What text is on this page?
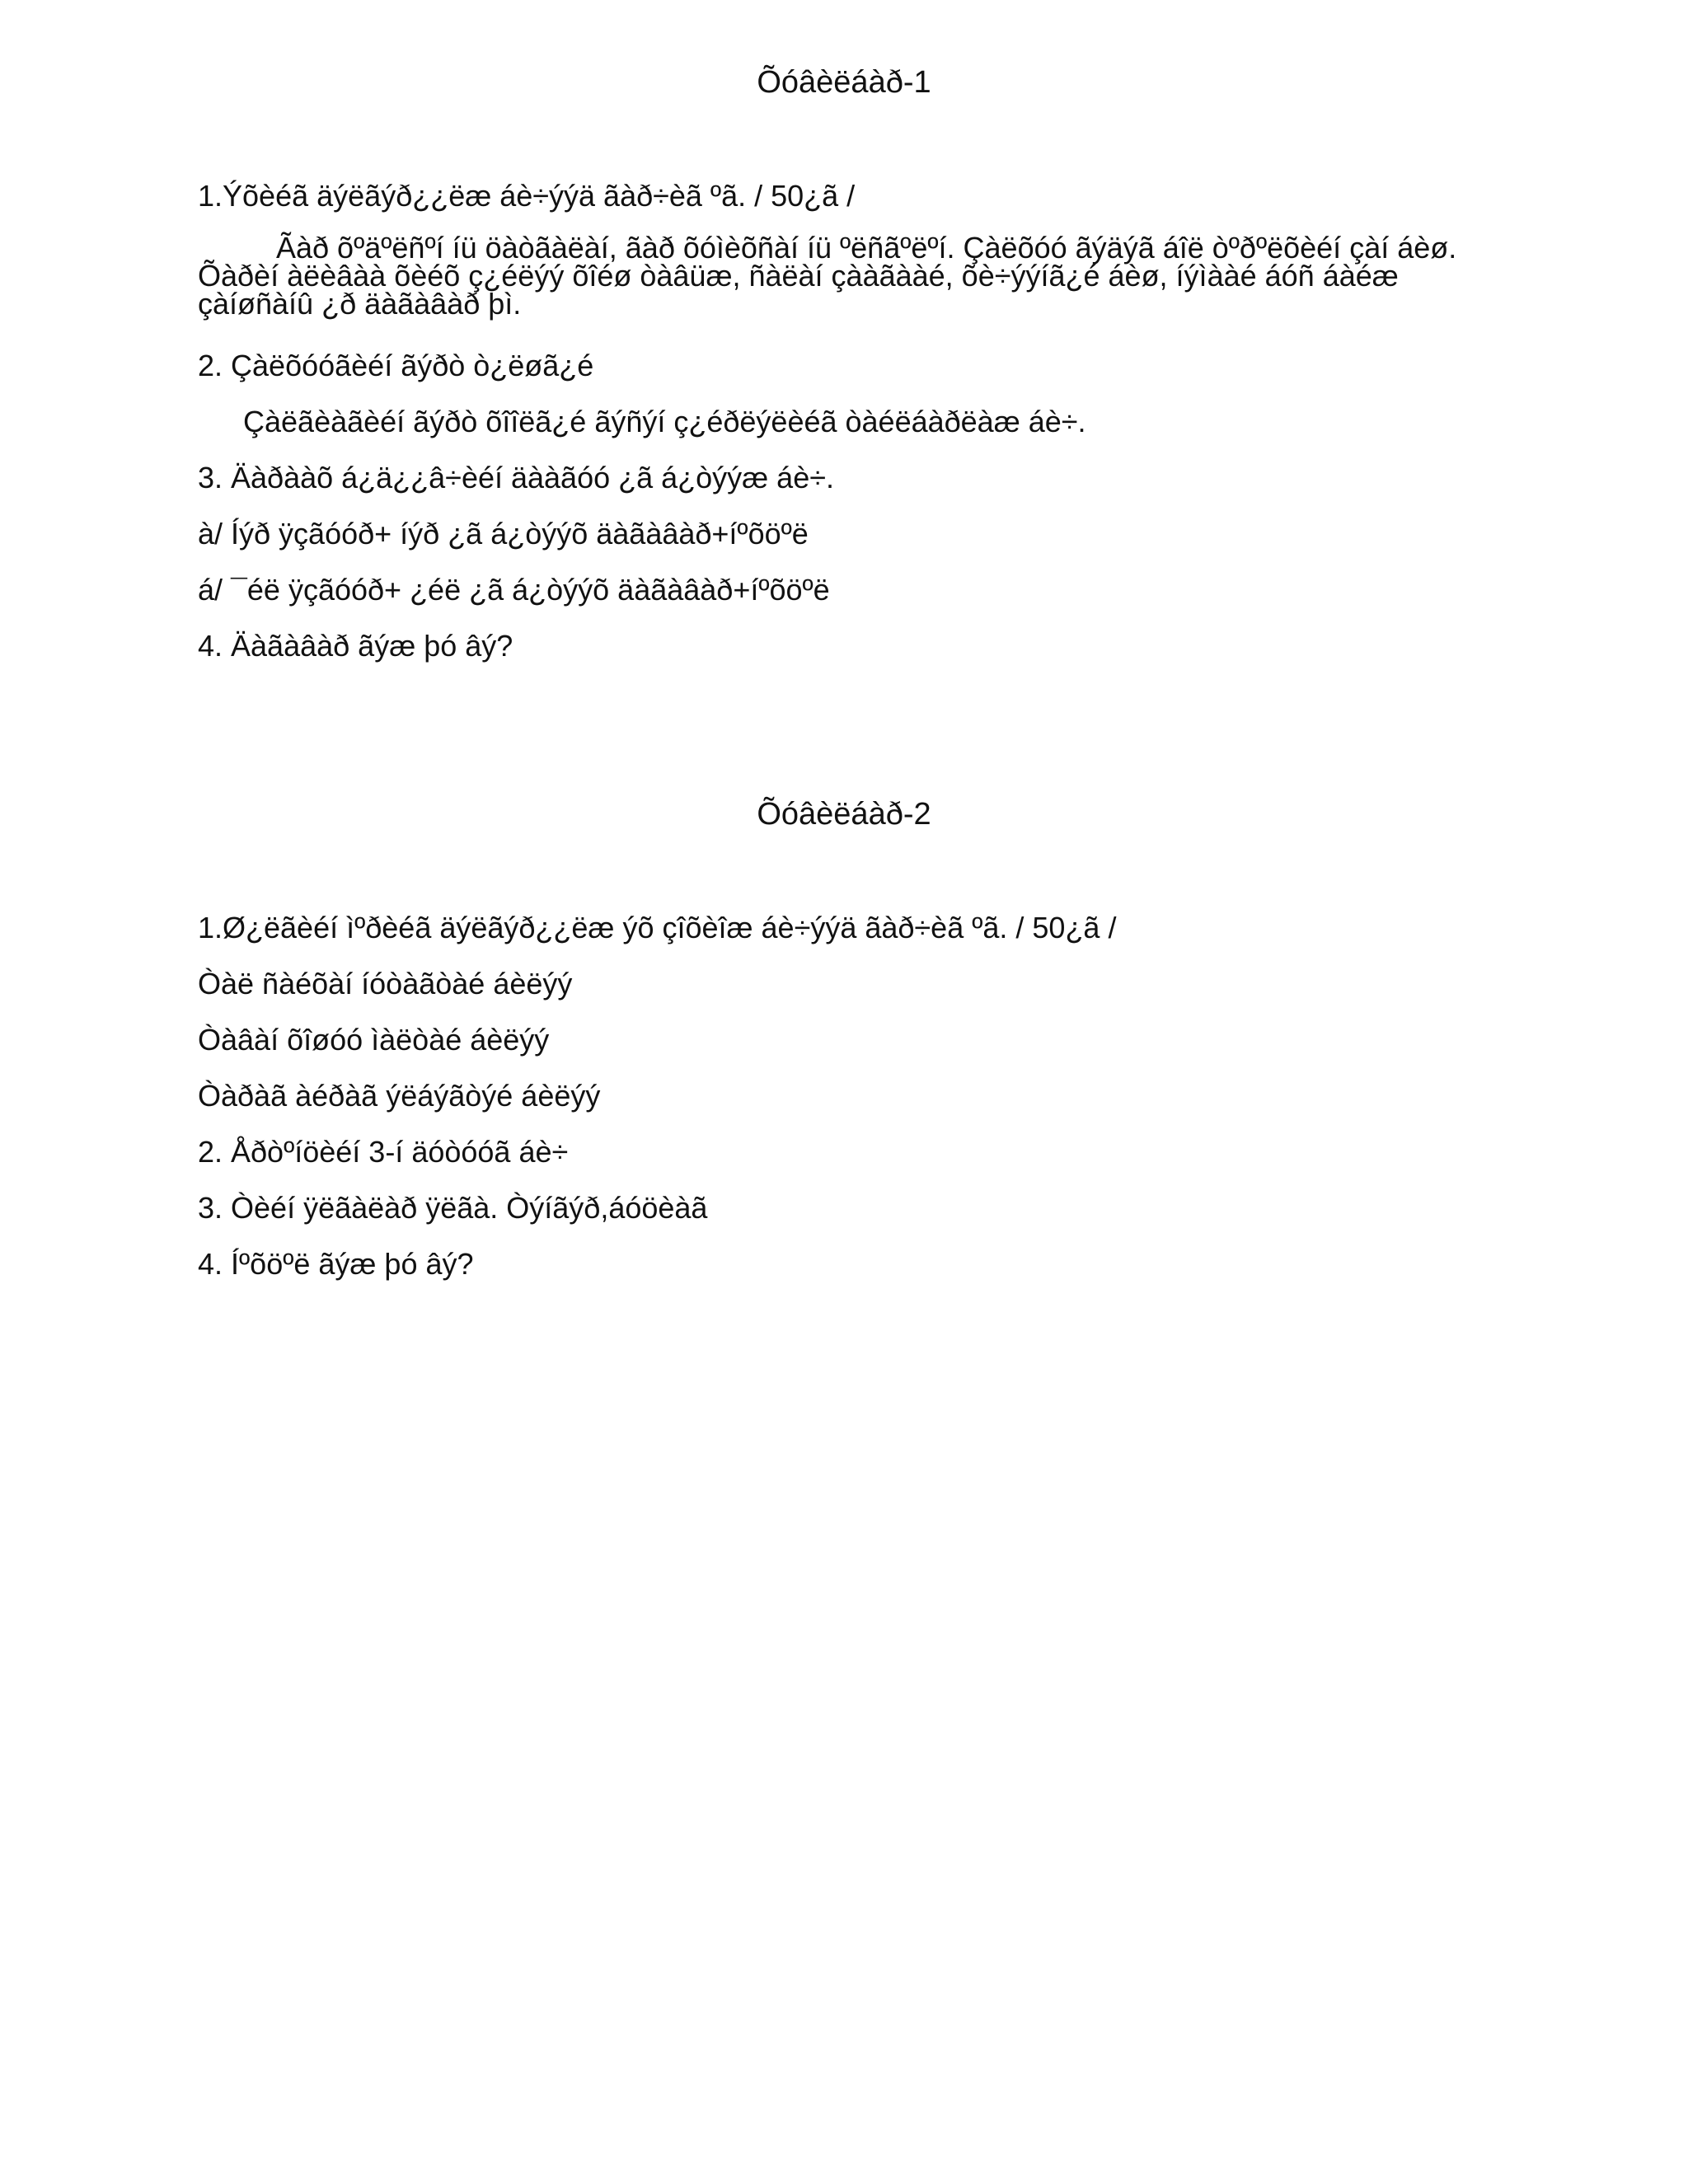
Õóâèëáàð-1
1.Ýõèéã äýëãýð¿¿ëæ áè÷ýýä ãàð÷èã ºã. / 50¿ã /
Ãàð õºäºëñºí íü öàòãàëàí, ãàð õóìèõñàí íü ºëñãºëºí. Çàëõóó ãýäýã áîë òºðºëõèéí çàí áèø. Õàðèí àëèâàà õèéõ ç¿éëýý õîéø òàâüæ, ñàëàí çààãààé, õè÷ýýíã¿é áèø, íýìààé áóñ áàéæ çàíøñàíû ¿ð äàãàâàð þì.
2. Çàëõóóãèéí ãýðò ò¿ëøã¿é
Çàëãèàãèéí ãýðò õîîëã¿é ãýñýí ç¿éðëýëèéã òàéëáàðëàæ áè÷.
3. Äàðààõ á¿ä¿¿â÷èéí äààãóó ¿ã á¿òýýæ áè÷.
à/ Íýð ÿçãóóð+ íýð ¿ã á¿òýýõ äàãàâàð+íºõöºë
á/ ¯éë ÿçãóóð+ ¿éë ¿ã á¿òýýõ äàãàâàð+íºõöºë
4. Äàãàâàð ãýæ þó âý?
Õóâèëáàð-2
1.Ø¿ëãèéí ìºðèéã äýëãýð¿¿ëæ ýõ çîõèîæ áè÷ýýä ãàð÷èã ºã. / 50¿ã /
Òàë ñàéõàí íóòàãòàé áèëýý
Òàâàí õîøóó ìàëòàé áèëýý
Òàðàã àéðàã ýëáýãòýé áèëýý
2. Åðòºíöèéí 3-í äóòóóã áè÷
3. Òèéí ÿëãàëàð ÿëãà. Òýíãýð,áóöèàã
4. Íºõöºë ãýæ þó âý?
